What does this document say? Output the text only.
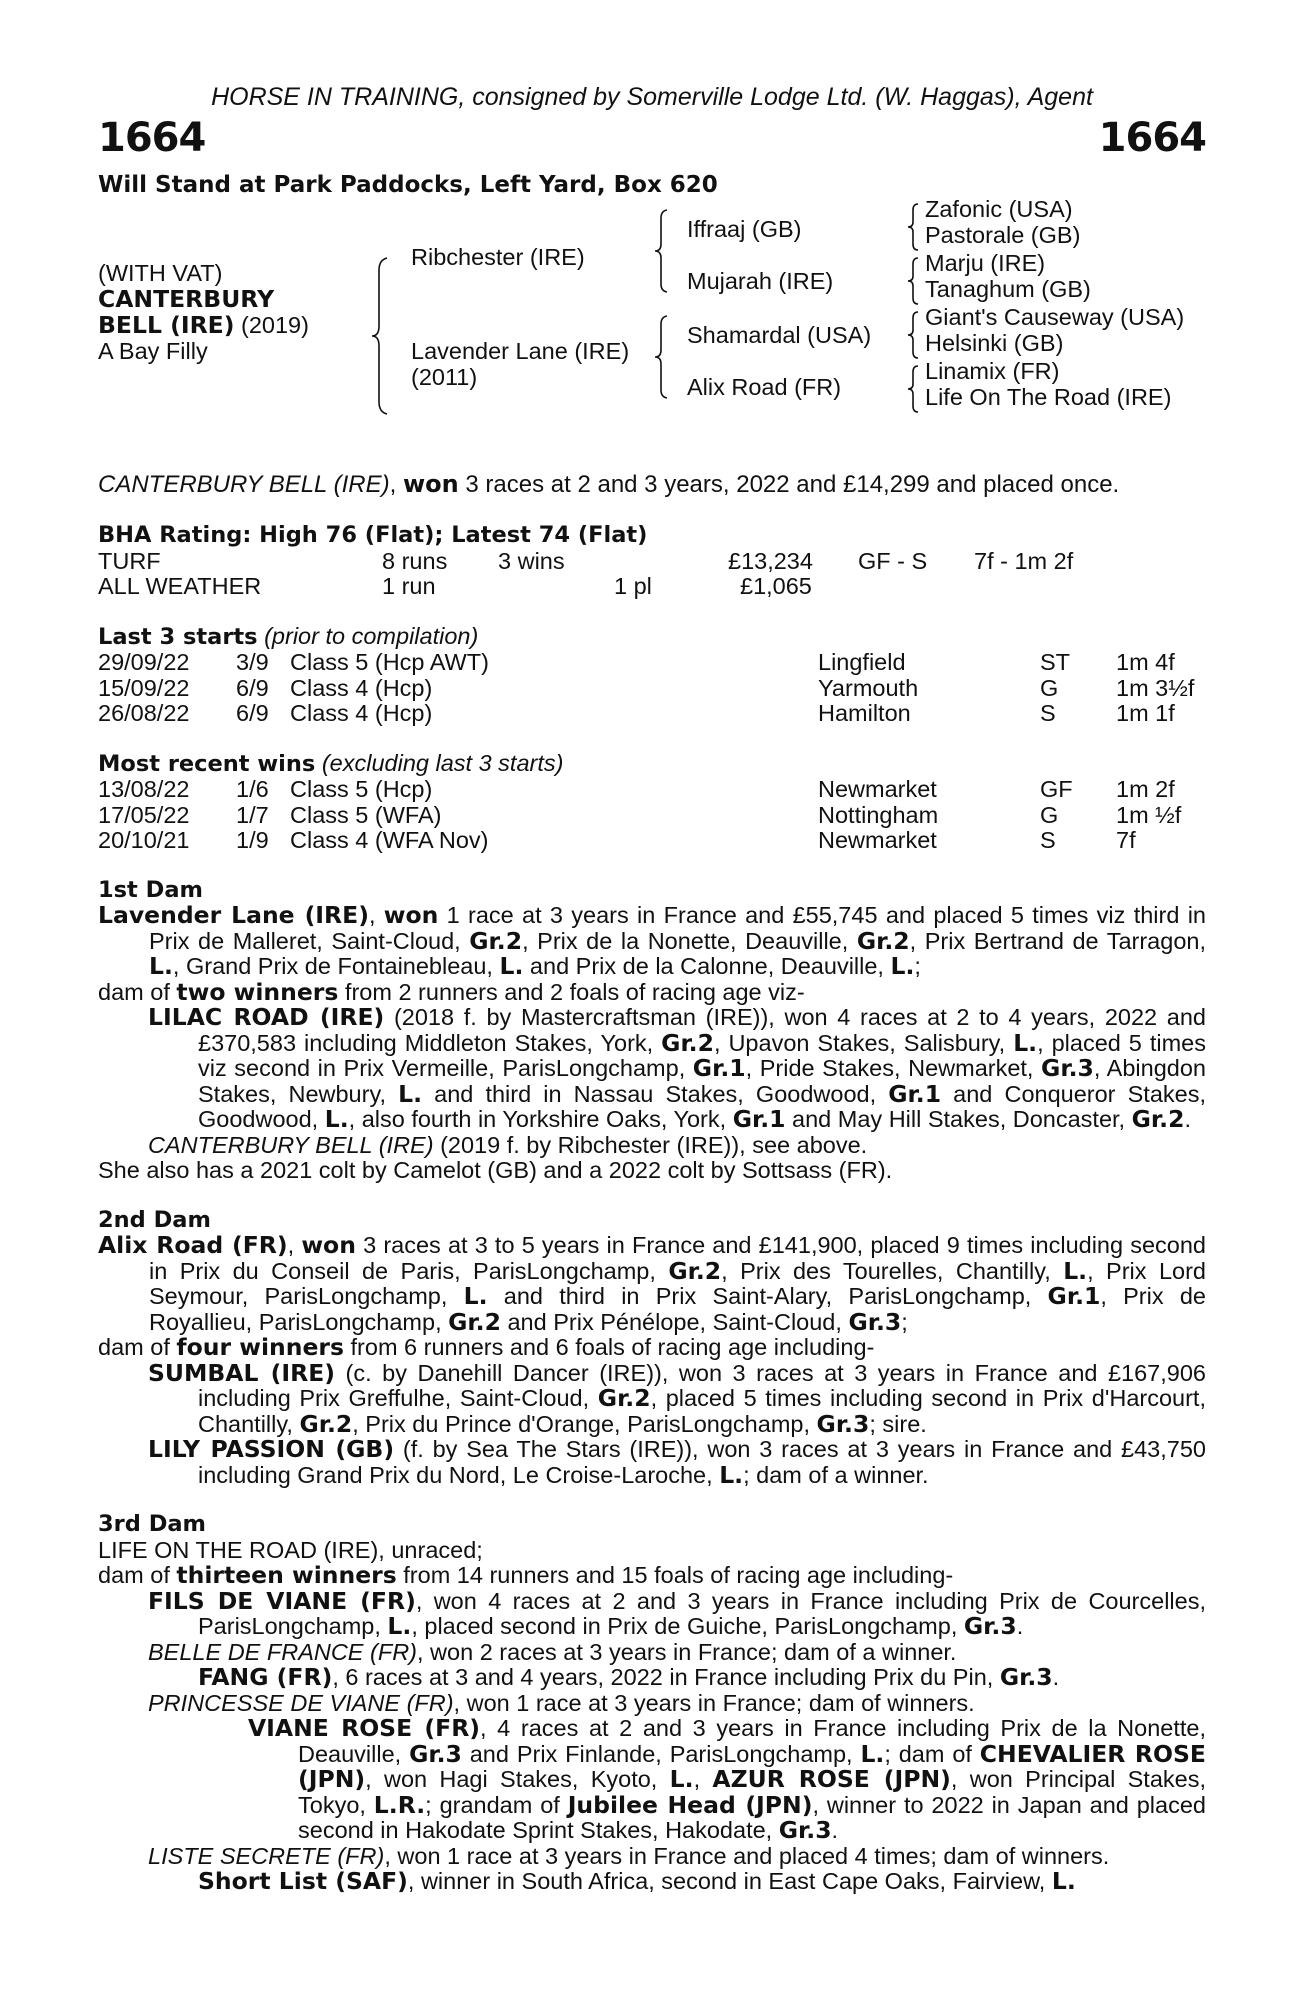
HORSE IN TRAINING, consigned by Somerville Lodge Ltd. (W. Haggas), Agent
1664	1664
Will Stand at Park Paddocks, Left Yard, Box 620
(WITH VAT)
CANTERBURY
BELL (IRE) (2019)
A Bay Filly
Ribchester (IRE)
Lavender Lane (IRE)
(2011)
Iffraaj (GB)
Mujarah (IRE)
Shamardal (USA)
Alix Road (FR)
Zafonic (USA)
Pastorale (GB)
Marju (IRE)
Tanaghum (GB)
Giant's Causeway (USA)
Helsinki (GB)
Linamix (FR)
Life On The Road (IRE)
CANTERBURY BELL (IRE), won 3 races at 2 and 3 years, 2022 and £14,299 and placed once.
BHA Rating: High 76 (Flat); Latest 74 (Flat)
TURF	8 runs 3 wins	£13,234 GF - S 7f - 1m 2f
ALL WEATHER	1 run	1 pl	£1,065
Last 3 starts (prior to compilation)
29/09/22 3/9 Class 5 (Hcp AWT)	Lingfield	ST 1m 4f
15/09/22 6/9 Class 4 (Hcp)	Yarmouth	G 1m 3½f
26/08/22 6/9 Class 4 (Hcp)	Hamilton	S	1m 1f
Most recent wins (excluding last 3 starts)
13/08/22 1/6 Class 5 (Hcp)	Newmarket	GF 1m 2f
17/05/22 1/7 Class 5 (WFA)	Nottingham	G 1m ½f
20/10/21 1/9 Class 4 (WFA Nov)	Newmarket	S	7f
1st Dam
Lavender Lane (IRE), won 1 race at 3 years in France and £55,745 and placed 5 times viz third in Prix de Malleret, Saint-Cloud, Gr.2, Prix de la Nonette, Deauville, Gr.2, Prix Bertrand de Tarragon, L., Grand Prix de Fontainebleau, L. and Prix de la Calonne, Deauville, L.;
dam of two winners from 2 runners and 2 foals of racing age viz-
LILAC ROAD (IRE) (2018 f. by Mastercraftsman (IRE)), won 4 races at 2 to 4 years, 2022 and £370,583 including Middleton Stakes, York, Gr.2, Upavon Stakes, Salisbury, L., placed 5 times viz second in Prix Vermeille, ParisLongchamp, Gr.1, Pride Stakes, Newmarket, Gr.3, Abingdon Stakes, Newbury, L. and third in Nassau Stakes, Goodwood, Gr.1 and Conqueror Stakes, Goodwood, L., also fourth in Yorkshire Oaks, York, Gr.1 and May Hill Stakes, Doncaster, Gr.2.
CANTERBURY BELL (IRE) (2019 f. by Ribchester (IRE)), see above.
She also has a 2021 colt by Camelot (GB) and a 2022 colt by Sottsass (FR).
2nd Dam
Alix Road (FR), won 3 races at 3 to 5 years in France and £141,900, placed 9 times including second in Prix du Conseil de Paris, ParisLongchamp, Gr.2, Prix des Tourelles, Chantilly, L., Prix Lord Seymour, ParisLongchamp, L. and third in Prix Saint-Alary, ParisLongchamp, Gr.1, Prix de Royallieu, ParisLongchamp, Gr.2 and Prix Pénélope, Saint-Cloud, Gr.3;
dam of four winners from 6 runners and 6 foals of racing age including-
SUMBAL (IRE) (c. by Danehill Dancer (IRE)), won 3 races at 3 years in France and £167,906 including Prix Greffulhe, Saint-Cloud, Gr.2, placed 5 times including second in Prix d'Harcourt, Chantilly, Gr.2, Prix du Prince d'Orange, ParisLongchamp, Gr.3; sire.
LILY PASSION (GB) (f. by Sea The Stars (IRE)), won 3 races at 3 years in France and £43,750 including Grand Prix du Nord, Le Croise-Laroche, L.; dam of a winner.
3rd Dam
LIFE ON THE ROAD (IRE), unraced;
dam of thirteen winners from 14 runners and 15 foals of racing age including-
FILS DE VIANE (FR), won 4 races at 2 and 3 years in France including Prix de Courcelles, ParisLongchamp, L., placed second in Prix de Guiche, ParisLongchamp, Gr.3.
BELLE DE FRANCE (FR), won 2 races at 3 years in France; dam of a winner.
FANG (FR), 6 races at 3 and 4 years, 2022 in France including Prix du Pin, Gr.3.
PRINCESSE DE VIANE (FR), won 1 race at 3 years in France; dam of winners.
VIANE ROSE (FR), 4 races at 2 and 3 years in France including Prix de la Nonette, Deauville, Gr.3 and Prix Finlande, ParisLongchamp, L.; dam of CHEVALIER ROSE (JPN), won Hagi Stakes, Kyoto, L., AZUR ROSE (JPN), won Principal Stakes, Tokyo, L.R.; grandam of Jubilee Head (JPN), winner to 2022 in Japan and placed second in Hakodate Sprint Stakes, Hakodate, Gr.3.
LISTE SECRETE (FR), won 1 race at 3 years in France and placed 4 times; dam of winners.
Short List (SAF), winner in South Africa, second in East Cape Oaks, Fairview, L.
